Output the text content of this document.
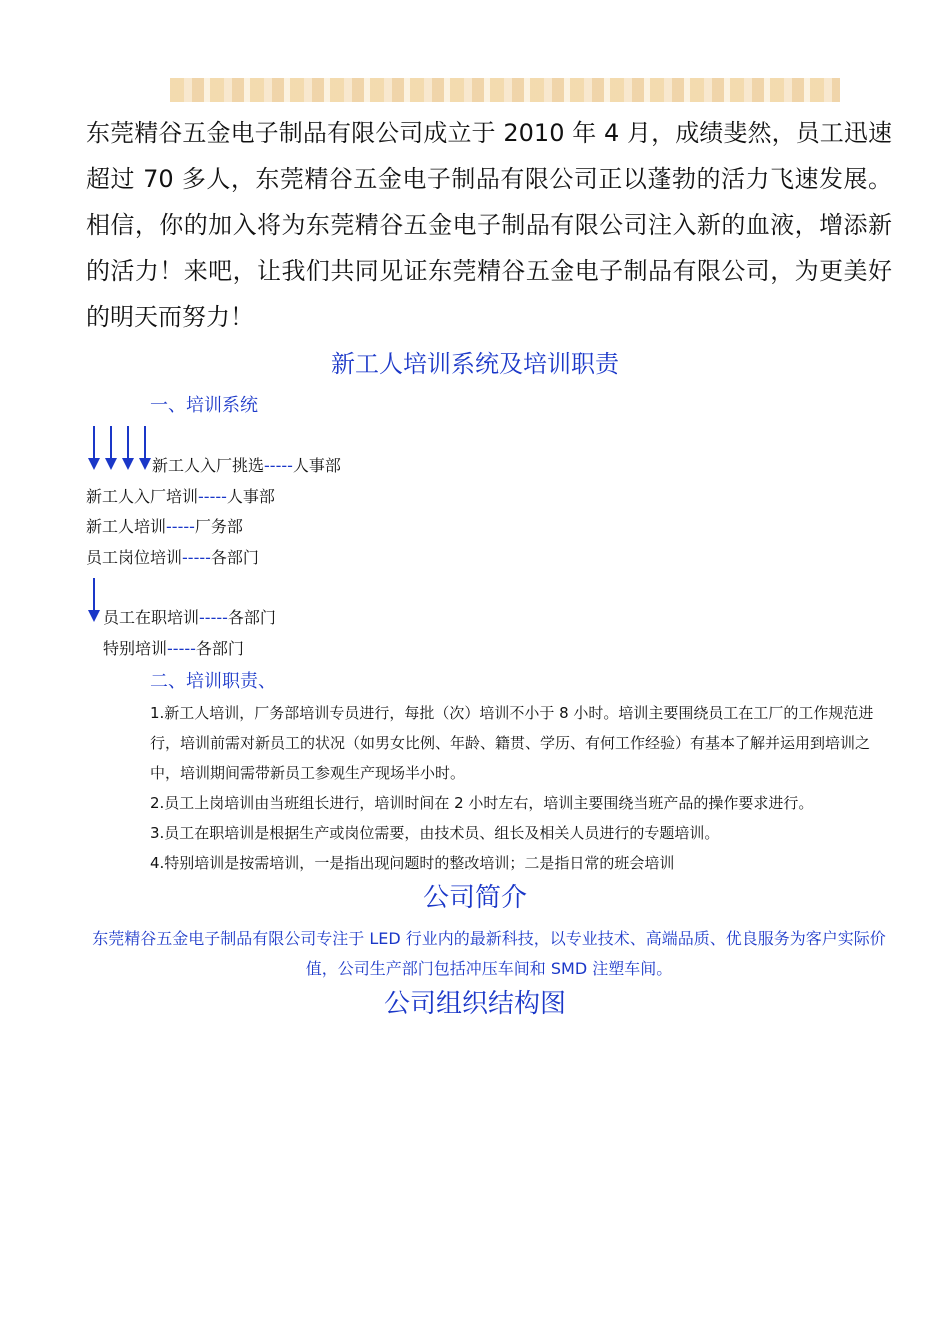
东莞精谷五金电子制品有限公司成立于 2010 年 4 月，成绩斐然，员工迅速超过 70 多人，东莞精谷五金电子制品有限公司正以蓬勃的活力飞速发展。相信，你的加入将为东莞精谷五金电子制品有限公司注入新的血液，增添新的活力！来吧，让我们共同见证东莞精谷五金电子制品有限公司，为更美好的明天而努力！
新工人培训系统及培训职责
一、培训系统
新工人入厂挑选-----人事部
新工人入厂培训-----人事部
新工人培训-----厂务部
员工岗位培训-----各部门
员工在职培训-----各部门
特别培训-----各部门
二、培训职责、
1.新工人培训，厂务部培训专员进行，每批（次）培训不小于 8 小时。培训主要围绕员工在工厂的工作规范进行，培训前需对新员工的状况（如男女比例、年龄、籍贯、学历、有何工作经验）有基本了解并运用到培训之中，培训期间需带新员工参观生产现场半小时。
2.员工上岗培训由当班组长进行，培训时间在 2 小时左右，培训主要围绕当班产品的操作要求进行。
3.员工在职培训是根据生产或岗位需要，由技术员、组长及相关人员进行的专题培训。
4.特别培训是按需培训，一是指出现问题时的整改培训；二是指日常的班会培训
公司简介
东莞精谷五金电子制品有限公司专注于 LED 行业内的最新科技，以专业技术、高端品质、优良服务为客户实际价值，公司生产部门包括冲压车间和 SMD 注塑车间。
公司组织结构图
